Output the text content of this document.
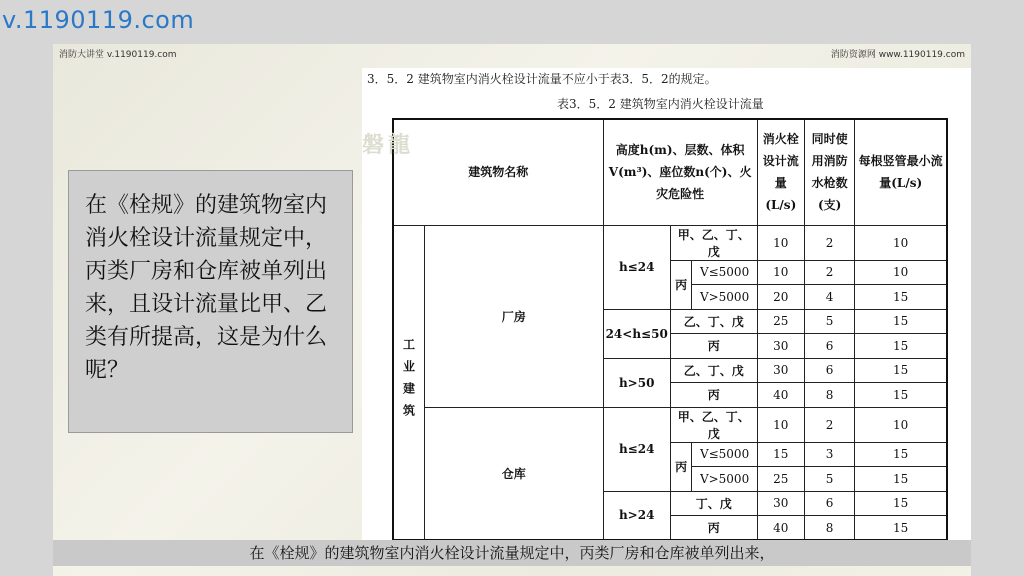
v.1190119.com
消防大讲堂 v.1190119.com	消防资源网 www.1190119.com
在《栓规》的建筑物室内消火栓设计流量规定中，丙类厂房和仓库被单列出来，且设计流量比甲、乙类有所提高，这是为什么呢？
3．5．2 建筑物室内消火栓设计流量不应小于表3．5．2的规定。
表3．5．2 建筑物室内消火栓设计流量
建筑物名称		高度h(m)、层数、体积V(m³)、座位数n(个)、火灾危险性			消火栓设计流量(L/s)	同时使用消防水枪数(支)	每根竖管最小流量(L/s)
工业建筑	厂房	h≤24	甲、乙、丁、戊		10	2	10
			丙	V≤5000	10	2	10
				V>5000	20	4	15
		24<h≤50	乙、丁、戊		25	5	15
			丙		30	6	15
		h>50	乙、丁、戊		30	6	15
			丙		40	8	15
	仓库	h≤24	甲、乙、丁、戊		10	2	10
			丙	V≤5000	15	3	15
				V>5000	25	5	15
		h>24	丁、戊		30	6	15
			丙		40	8	15
磐龍
在《栓规》的建筑物室内消火栓设计流量规定中，丙类厂房和仓库被单列出来，
